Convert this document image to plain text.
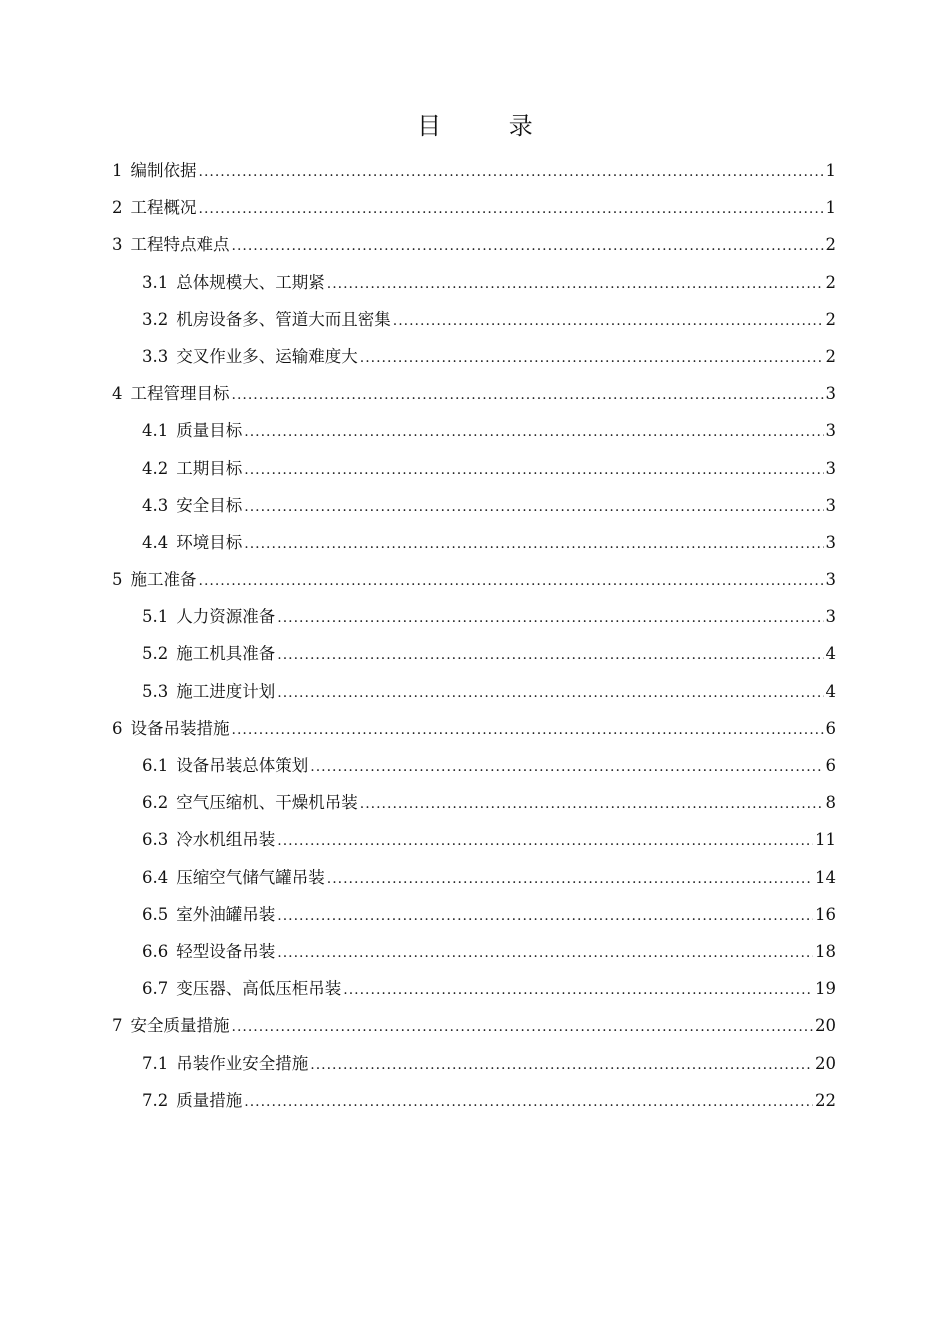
目 录
1 编制依据 .....	1
2 工程概况 .....	1
3 工程特点难点 .....	2
3.1 总体规模大、工期紧 .....	2
3.2 机房设备多、管道大而且密集 .....	2
3.3 交叉作业多、运输难度大 .....	2
4 工程管理目标 .....	3
4.1 质量目标 .....	3
4.2 工期目标 .....	3
4.3 安全目标 .....	3
4.4 环境目标 .....	3
5 施工准备 .....	3
5.1 人力资源准备 .....	3
5.2 施工机具准备 .....	4
5.3 施工进度计划 .....	4
6 设备吊装措施 .....	6
6.1 设备吊装总体策划 .....	6
6.2 空气压缩机、干燥机吊装 .....	8
6.3 冷水机组吊装 .....	11
6.4 压缩空气储气罐吊装 .....	14
6.5 室外油罐吊装 .....	16
6.6 轻型设备吊装 .....	18
6.7 变压器、高低压柜吊装 .....	19
7 安全质量措施 .....	20
7.1 吊装作业安全措施 .....	20
7.2 质量措施 .....	22
